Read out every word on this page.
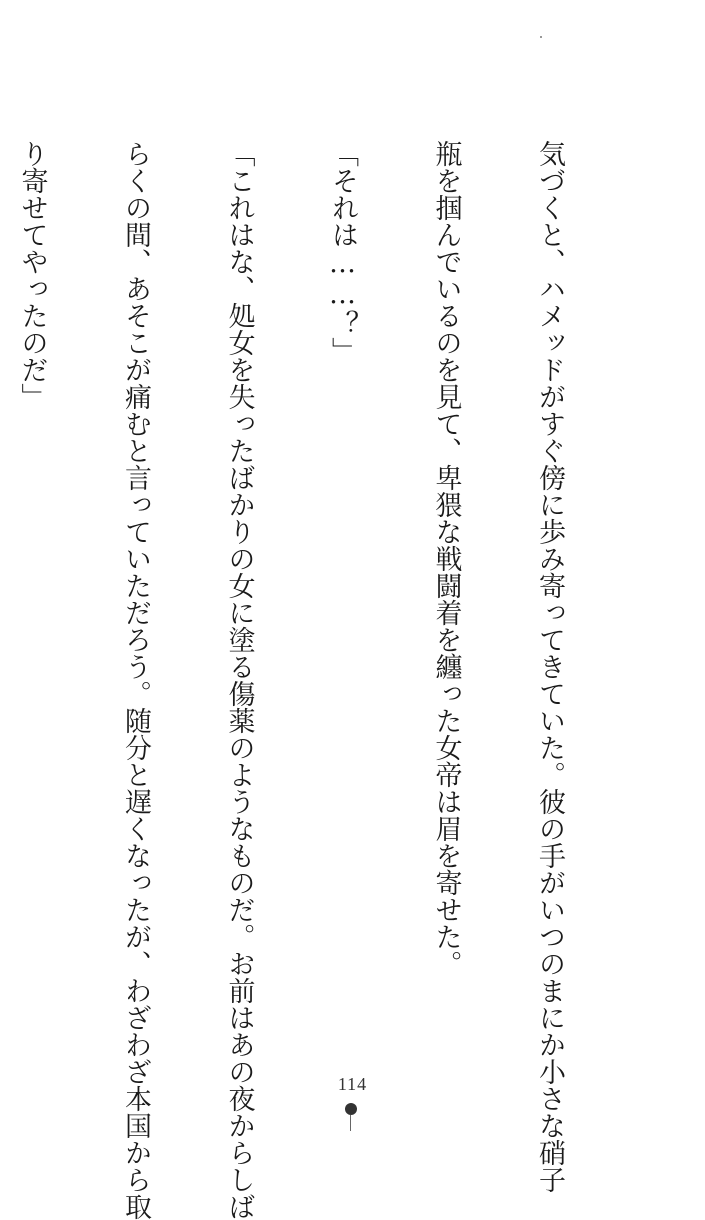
気づくと、ハメッドがすぐ傍に歩み寄ってきていた。彼の手がいつのまにか小さな硝子

瓶を掴んでいるのを見て、卑猥な戦闘着を纏った女帝は眉を寄せた。

「それは……？」

「これはな、処女を失ったばかりの女に塗る傷薬のようなものだ。お前はあの夜からしば

らくの間、あそこが痛むと言っていただろう。随分と遅くなったが、わざわざ本国から取

り寄せてやったのだ」

114
